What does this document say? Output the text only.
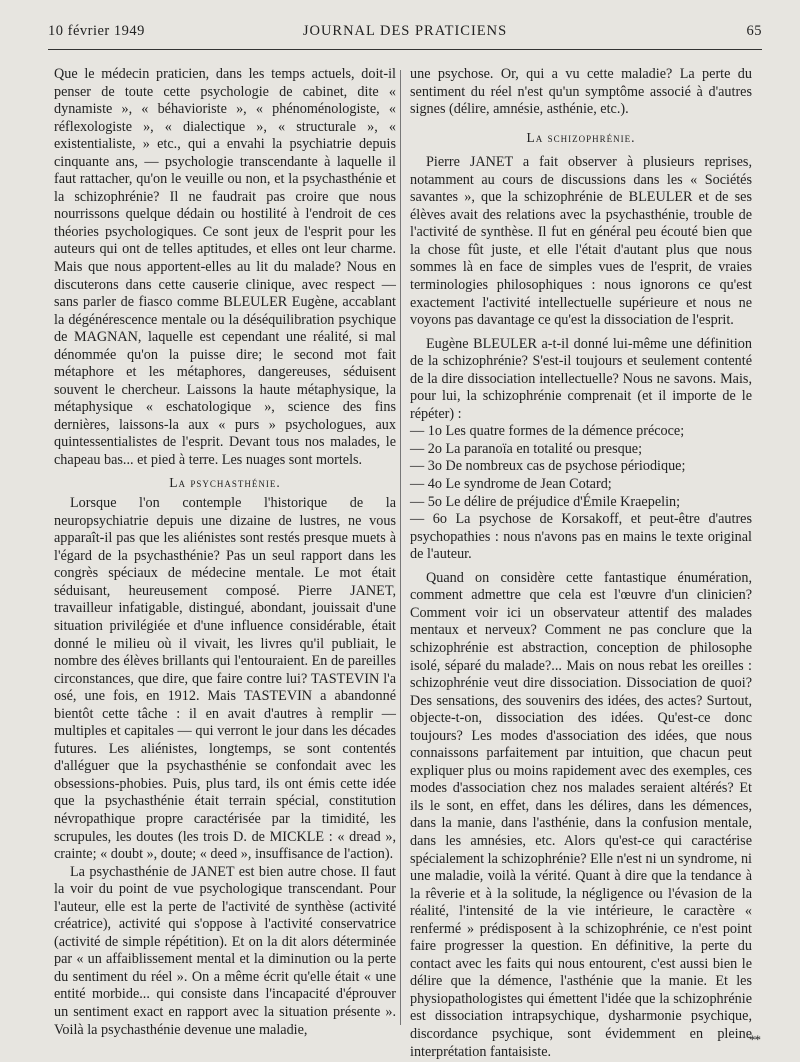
10 février 1949	JOURNAL DES PRATICIENS	65

Que le médecin praticien, dans les temps actuels, doit-il penser de toute cette psychologie de cabinet, dite « dynamiste », « béhavioriste », « phénoménologiste, « réflexologiste », « dialectique », « structurale », « existentialiste, » etc., qui a envahi la psychiatrie depuis cinquante ans, — psychologie transcendante à laquelle il faut rattacher, qu'on le veuille ou non, et la psychasthénie et la schizophrénie? Il ne faudrait pas croire que nous nourrissons quelque dédain ou hostilité à l'endroit de ces théories psychologiques. Ce sont jeux de l'esprit pour les auteurs qui ont de telles aptitudes, et elles ont leur charme. Mais que nous apportent-elles au lit du malade? Nous en discuterons dans cette causerie clinique, avec respect — sans parler de fiasco comme BLEULER Eugène, accablant la dégénérescence mentale ou la déséquilibration psychique de MAGNAN, laquelle est cependant une réalité, si mal dénommée qu'on la puisse dire; le second mot fait métaphore et les métaphores, dangereuses, séduisent souvent le chercheur. Laissons la haute métaphysique, la métaphysique « eschatologique », science des fins dernières, laissons-la aux « purs » psychologues, aux quintessentialistes de l'esprit. Devant tous nos malades, le chapeau bas... et pied à terre. Les nuages sont mortels.

La psychasthénie.

Lorsque l'on contemple l'historique de la neuropsychiatrie depuis une dizaine de lustres, ne vous apparaît-il pas que les aliénistes sont restés presque muets à l'égard de la psychasthénie? Pas un seul rapport dans les congrès spéciaux de médecine mentale. Le mot était séduisant, heureusement composé. Pierre JANET, travailleur infatigable, distingué, abondant, jouissait d'une situation privilégiée et d'une influence considérable, était donné le milieu où il vivait, les livres qu'il publiait, le nombre des élèves brillants qui l'entouraient. En de pareilles circonstances, que dire, que faire contre lui? TASTEVIN l'a osé, une fois, en 1912. Mais TASTEVIN a abandonné bientôt cette tâche : il en avait d'autres à remplir — multiples et capitales — qui verront le jour dans les décades futures. Les aliénistes, longtemps, se sont contentés d'alléguer que la psychasthénie se confondait avec les obsessions-phobies. Puis, plus tard, ils ont émis cette idée que la psychasthénie était terrain spécial, constitution névropathique propre caractérisée par la timidité, les scrupules, les doutes (les trois D. de MICKLE : « dread », crainte; « doubt », doute; « deed », insuffisance de l'action).

La psychasthénie de JANET est bien autre chose. Il faut la voir du point de vue psychologique transcendant. Pour l'auteur, elle est la perte de l'activité de synthèse (activité créatrice), activité qui s'oppose à l'activité conservatrice (activité de simple répétition). Et on la dit alors déterminée par « un affaiblissement mental et la diminution ou la perte du sentiment du réel ». On a même écrit qu'elle était « une entité morbide... qui consiste dans l'incapacité d'éprouver un sentiment exact en rapport avec la situation présente ». Voilà la psychasthénie devenue une maladie,

une psychose. Or, qui a vu cette maladie? La perte du sentiment du réel n'est qu'un symptôme associé à d'autres signes (délire, amnésie, asthénie, etc.).

La schizophrénie.

Pierre JANET a fait observer à plusieurs reprises, notamment au cours de discussions dans les « Sociétés savantes », que la schizophrénie de BLEULER et de ses élèves avait des relations avec la psychasthénie, trouble de l'activité de synthèse. Il fut en général peu écouté bien que la chose fût juste, et elle l'était d'autant plus que nous sommes là en face de simples vues de l'esprit, de vraies terminologies philosophiques : nous ignorons ce qu'est exactement l'activité intellectuelle supérieure et nous ne voyons pas davantage ce qu'est la dissociation de l'esprit.

Eugène BLEULER a-t-il donné lui-même une définition de la schizophrénie? S'est-il toujours et seulement contenté de la dire dissociation intellectuelle? Nous ne savons. Mais, pour lui, la schizophrénie comprenait (et il importe de le répéter) :

— 1o Les quatre formes de la démence précoce;
— 2o La paranoïa en totalité ou presque;
— 3o De nombreux cas de psychose périodique;
— 4o Le syndrome de Jean Cotard;
— 5o Le délire de préjudice d'Émile Kraepelin;
— 6o La psychose de Korsakoff, et peut-être d'autres psychopathies : nous n'avons pas en mains le texte original de l'auteur.

Quand on considère cette fantastique énumération, comment admettre que cela est l'œuvre d'un clinicien? Comment voir ici un observateur attentif des malades mentaux et nerveux? Comment ne pas conclure que la schizophrénie est abstraction, conception de philosophe isolé, séparé du malade?... Mais on nous rebat les oreilles : schizophrénie veut dire dissociation. Dissociation de quoi? Des sensations, des souvenirs des idées, des actes? Surtout, objecte-t-on, dissociation des idées. Qu'est-ce donc toujours? Les modes d'association des idées, que nous connaissons parfaitement par intuition, que chacun peut expliquer plus ou moins rapidement avec des exemples, ces modes d'association chez nos malades seraient altérés? Et ils le sont, en effet, dans les délires, dans les démences, dans la manie, dans l'asthénie, dans la confusion mentale, dans les amnésies, etc. Alors qu'est-ce qui caractérise spécialement la schizophrénie? Elle n'est ni un syndrome, ni une maladie, voilà la vérité. Quant à dire que la tendance à la rêverie et à la solitude, la négligence ou l'évasion de la réalité, l'intensité de la vie intérieure, le caractère « renfermé » prédisposent à la schizophrénie, ce n'est point faire progresser la question. En définitive, la perte du contact avec les faits qui nous entourent, c'est aussi bien le délire que la démence, l'asthénie que la manie. Et les physiopathologistes qui émettent l'idée que la schizophrénie est dissociation intrapsychique, dysharmonie psychique, discordance psychique, sont évidemment en pleine interprétation fantaisiste.

**
